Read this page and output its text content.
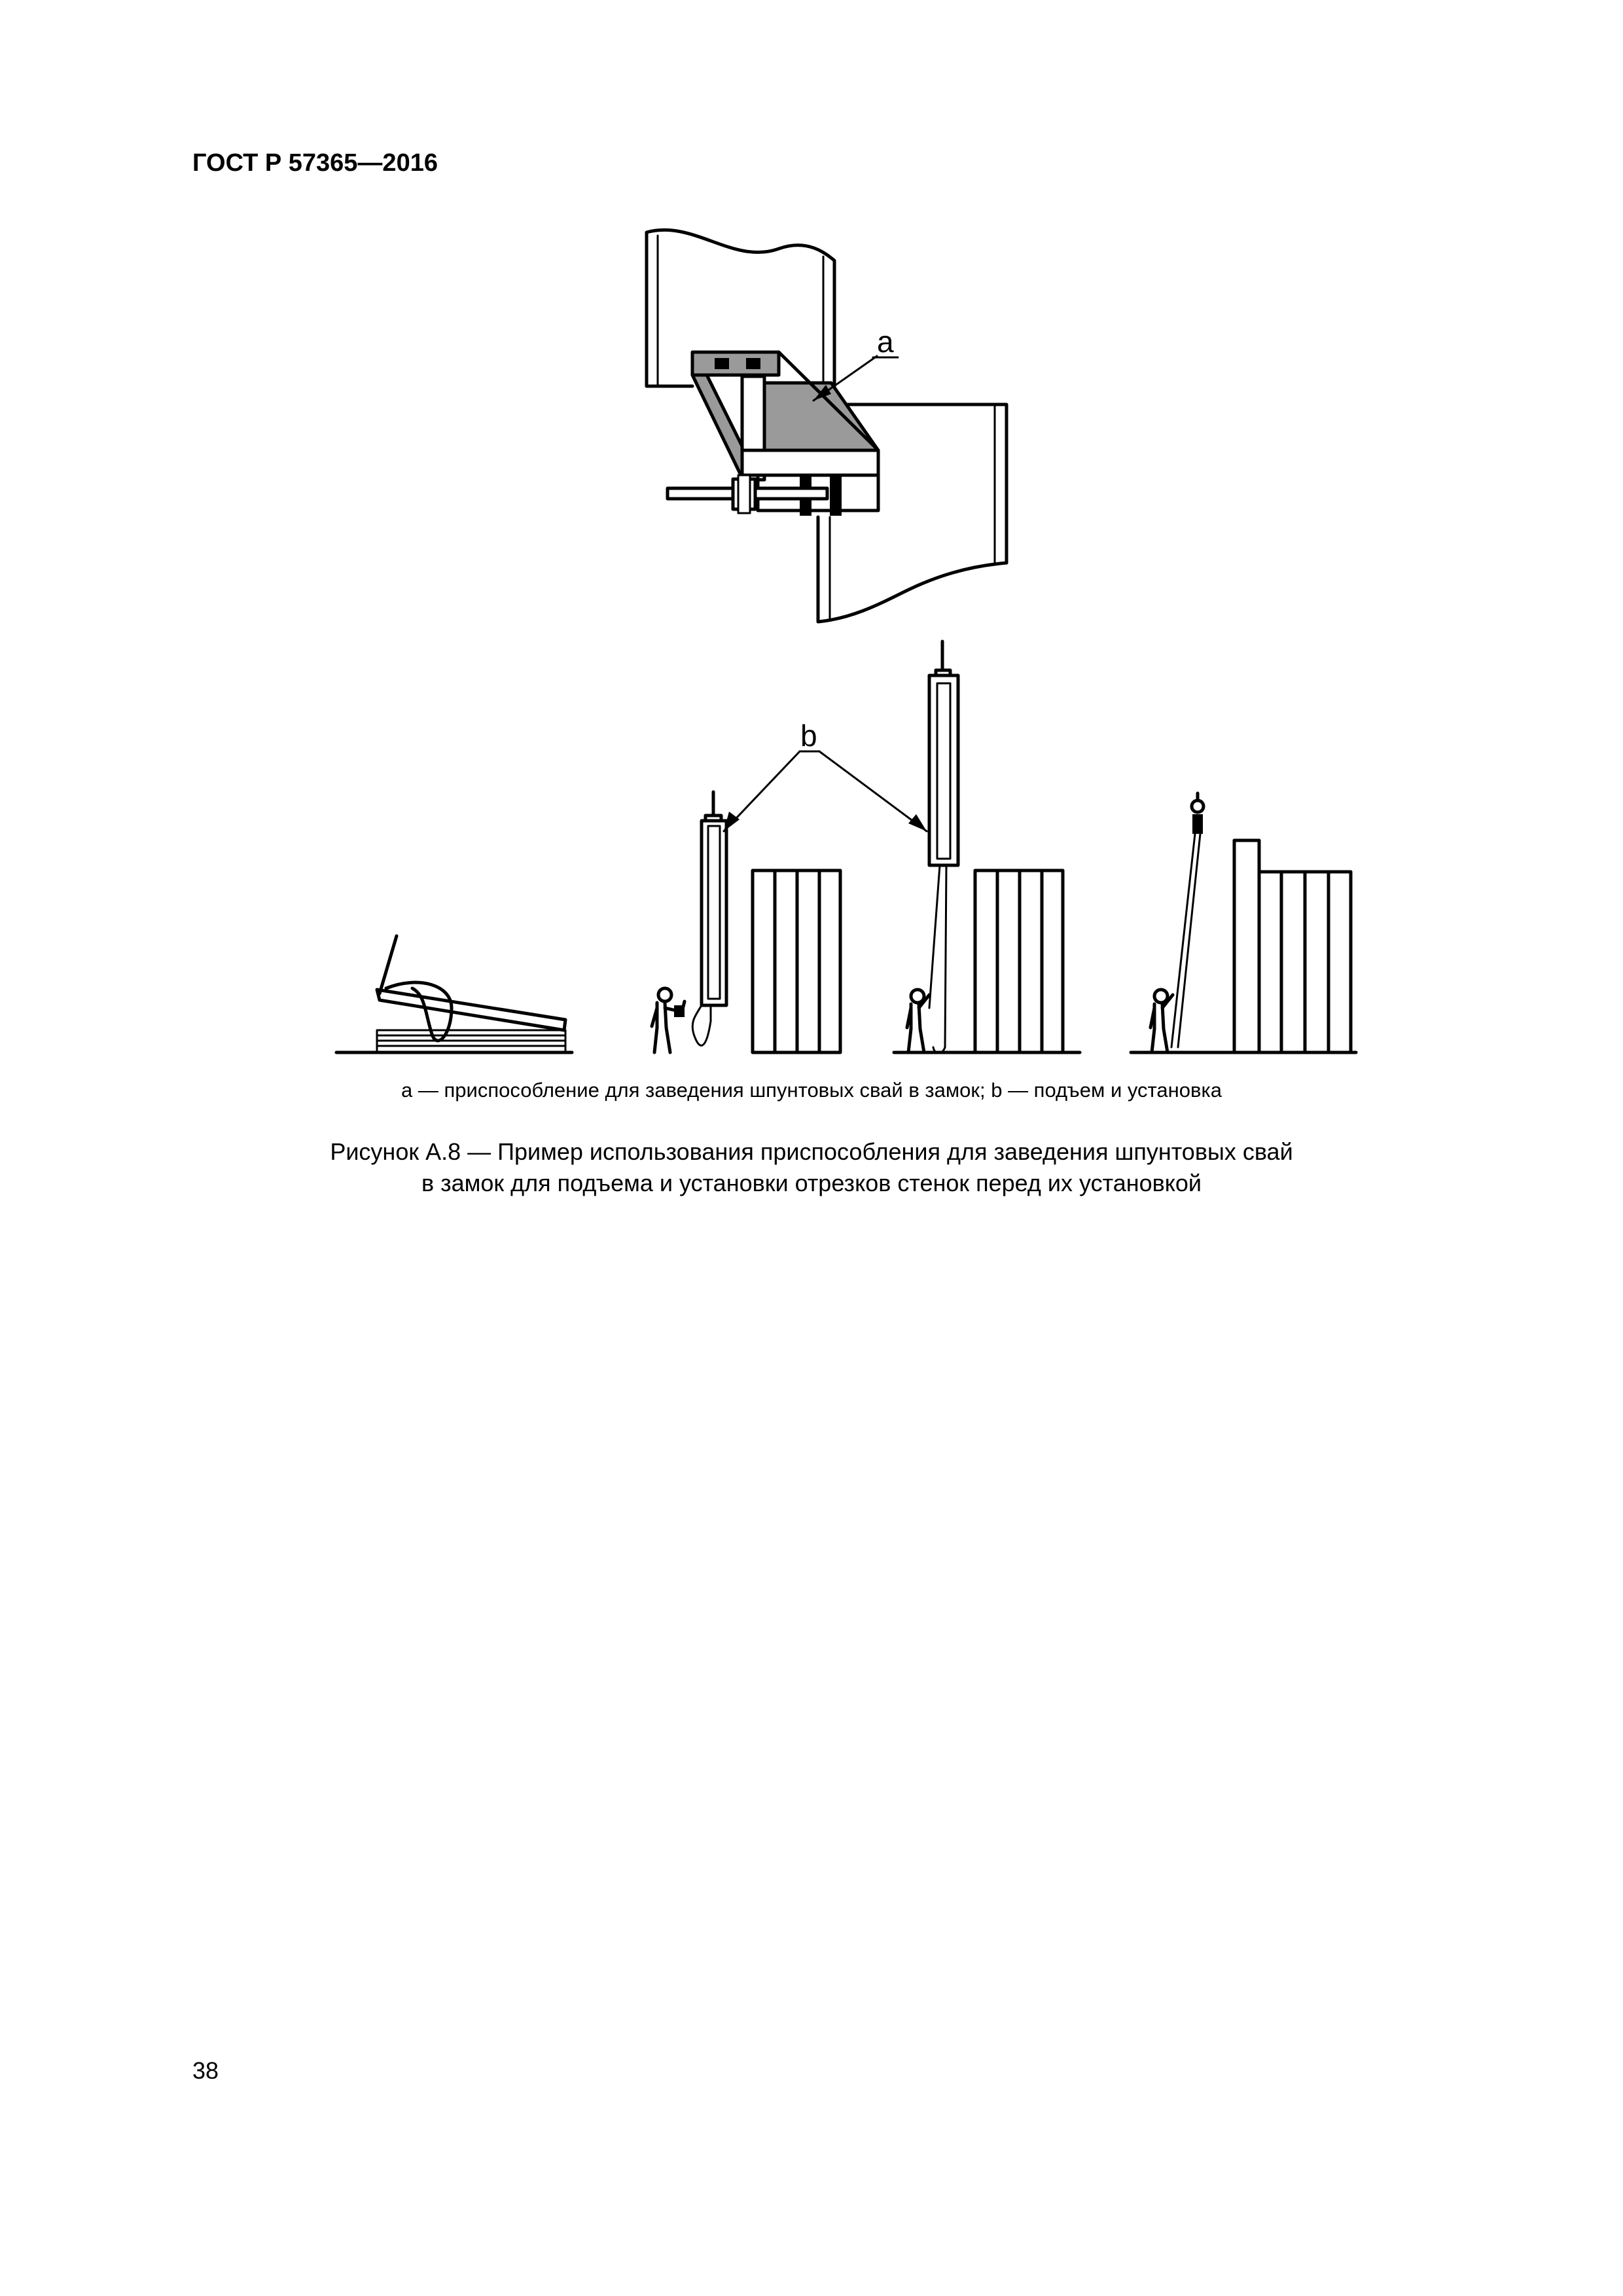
ГОСТ Р 57365—2016
a
b
a — приспособление для заведения шпунтовых свай в замок; b — подъем и установка
Рисунок А.8 — Пример использования приспособления для заведения шпунтовых свай
в замок для подъема и установки отрезков стенок перед их установкой
38
